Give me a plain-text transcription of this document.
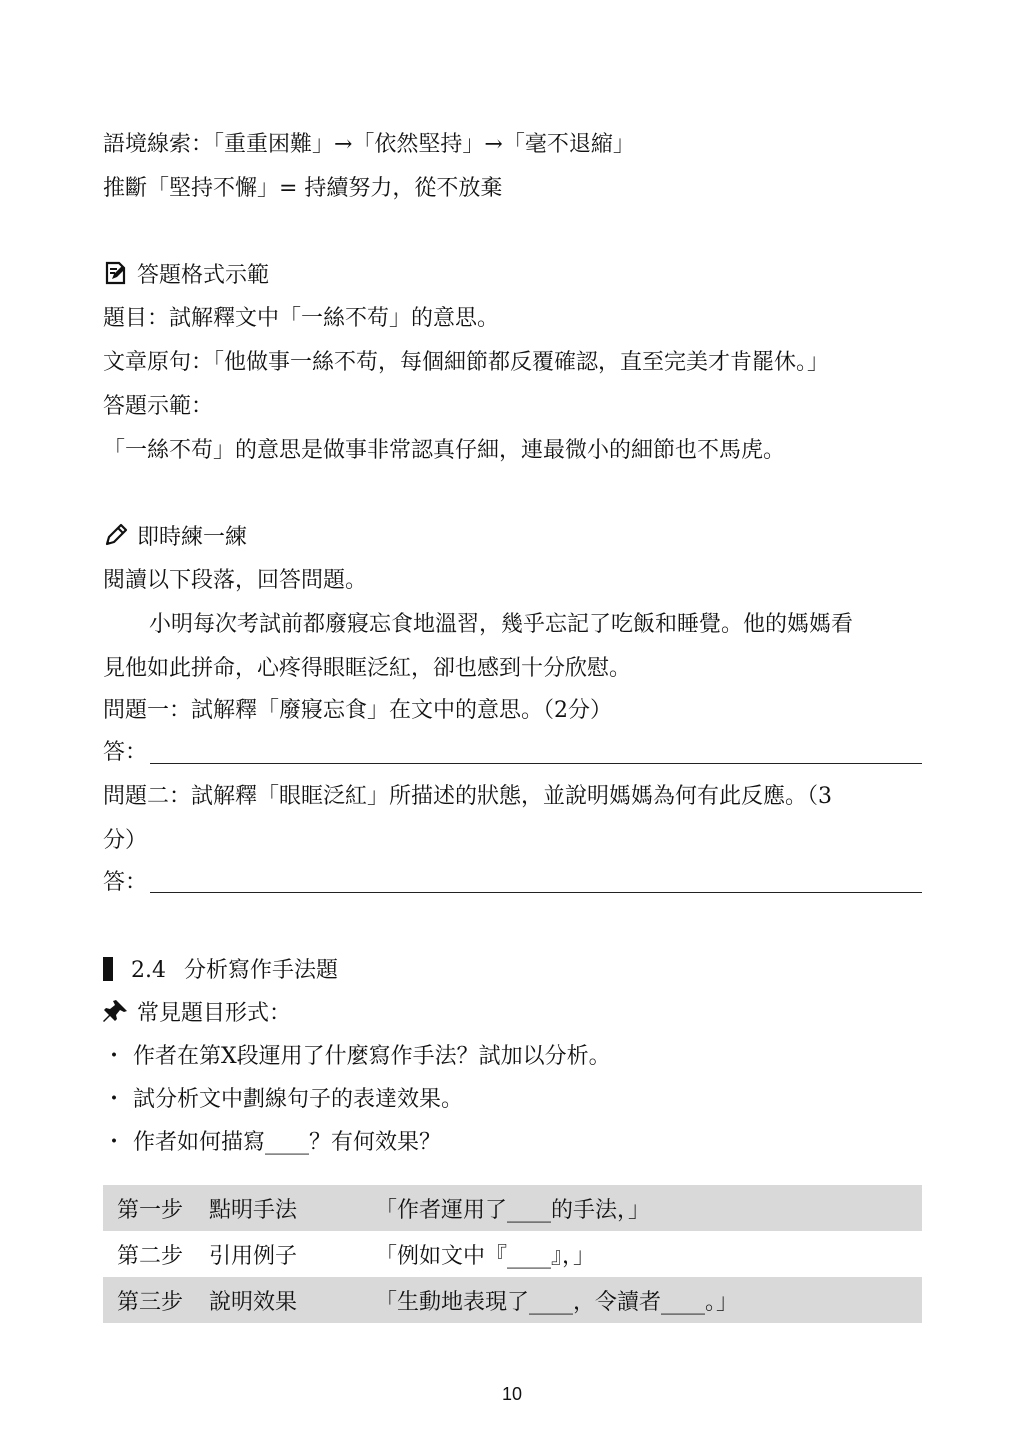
語境線索：「重重困難」→「依然堅持」→「毫不退縮」
推斷「堅持不懈」= 持續努力，從不放棄
答題格式示範
題目：試解釋文中「一絲不苟」的意思。
文章原句：「他做事一絲不苟，每個細節都反覆確認，直至完美才肯罷休。」
答題示範：
「一絲不苟」的意思是做事非常認真仔細，連最微小的細節也不馬虎。
即時練一練
閱讀以下段落，回答問題。
小明每次考試前都廢寢忘食地溫習，幾乎忘記了吃飯和睡覺。他的媽媽看
見他如此拼命，心疼得眼眶泛紅，卻也感到十分欣慰。
問題一：試解釋「廢寢忘食」在文中的意思。（2分）
答：
問題二：試解釋「眼眶泛紅」所描述的狀態，並說明媽媽為何有此反應。（3
分）
答：
2.4 分析寫作手法題
常見題目形式：
・ 作者在第X段運用了什麼寫作手法？試加以分析。
・ 試分析文中劃線句子的表達效果。
・ 作者如何描寫____？有何效果？
第一步	點明手法	「作者運用了____的手法，」
第二步	引用例子	「例如文中『____』，」
第三步	說明效果	「生動地表現了____，令讀者____。」
10
